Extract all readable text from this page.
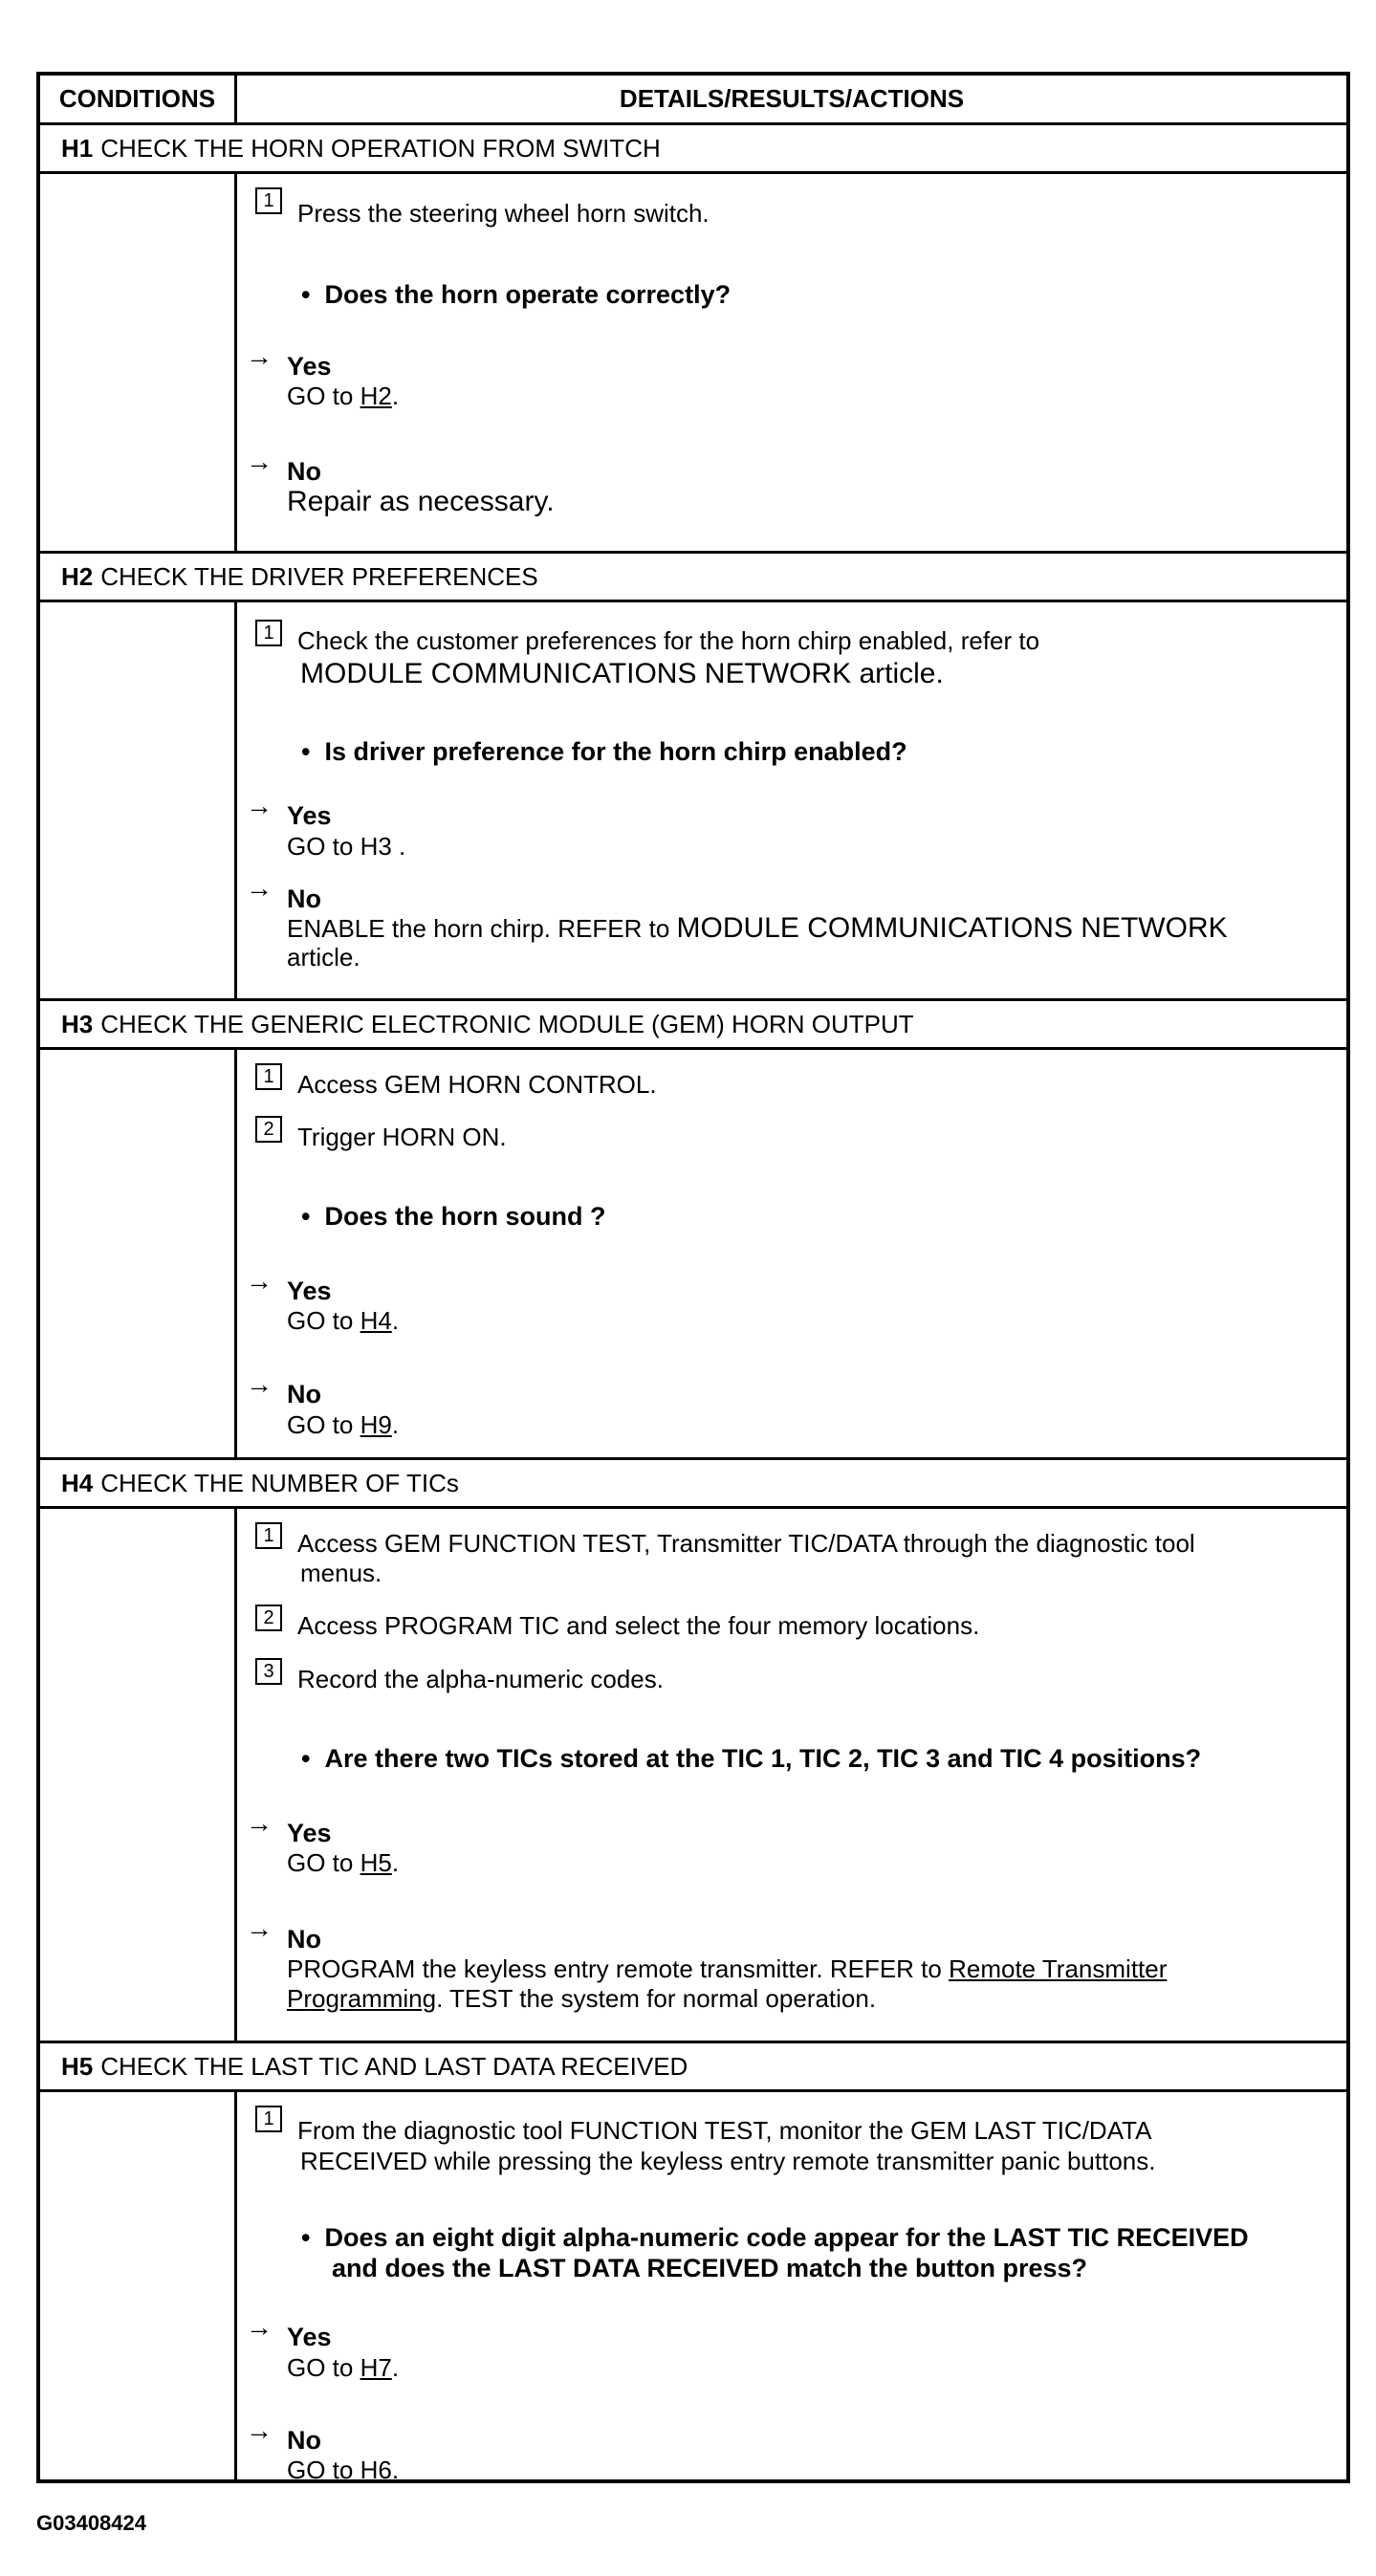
CONDITIONS	DETAILS/RESULTS/ACTIONS
H1 CHECK THE HORN OPERATION FROM SWITCH
1 Press the steering wheel horn switch.
• Does the horn operate correctly?
→ Yes
GO to H2.
→ No
Repair as necessary.
H2 CHECK THE DRIVER PREFERENCES
1 Check the customer preferences for the horn chirp enabled, refer to
MODULE COMMUNICATIONS NETWORK article.
• Is driver preference for the horn chirp enabled?
→ Yes
GO to H3 .
→ No
ENABLE the horn chirp. REFER to MODULE COMMUNICATIONS NETWORK
article.
H3 CHECK THE GENERIC ELECTRONIC MODULE (GEM) HORN OUTPUT
1 Access GEM HORN CONTROL.
2 Trigger HORN ON.
• Does the horn sound ?
→ Yes
GO to H4.
→ No
GO to H9.
H4 CHECK THE NUMBER OF TICs
1 Access GEM FUNCTION TEST, Transmitter TIC/DATA through the diagnostic tool
menus.
2 Access PROGRAM TIC and select the four memory locations.
3 Record the alpha-numeric codes.
• Are there two TICs stored at the TIC 1, TIC 2, TIC 3 and TIC 4 positions?
→ Yes
GO to H5.
→ No
PROGRAM the keyless entry remote transmitter. REFER to Remote Transmitter
Programming. TEST the system for normal operation.
H5 CHECK THE LAST TIC AND LAST DATA RECEIVED
1 From the diagnostic tool FUNCTION TEST, monitor the GEM LAST TIC/DATA
RECEIVED while pressing the keyless entry remote transmitter panic buttons.
• Does an eight digit alpha-numeric code appear for the LAST TIC RECEIVED
and does the LAST DATA RECEIVED match the button press?
→ Yes
GO to H7.
→ No
GO to H6.
G03408424
